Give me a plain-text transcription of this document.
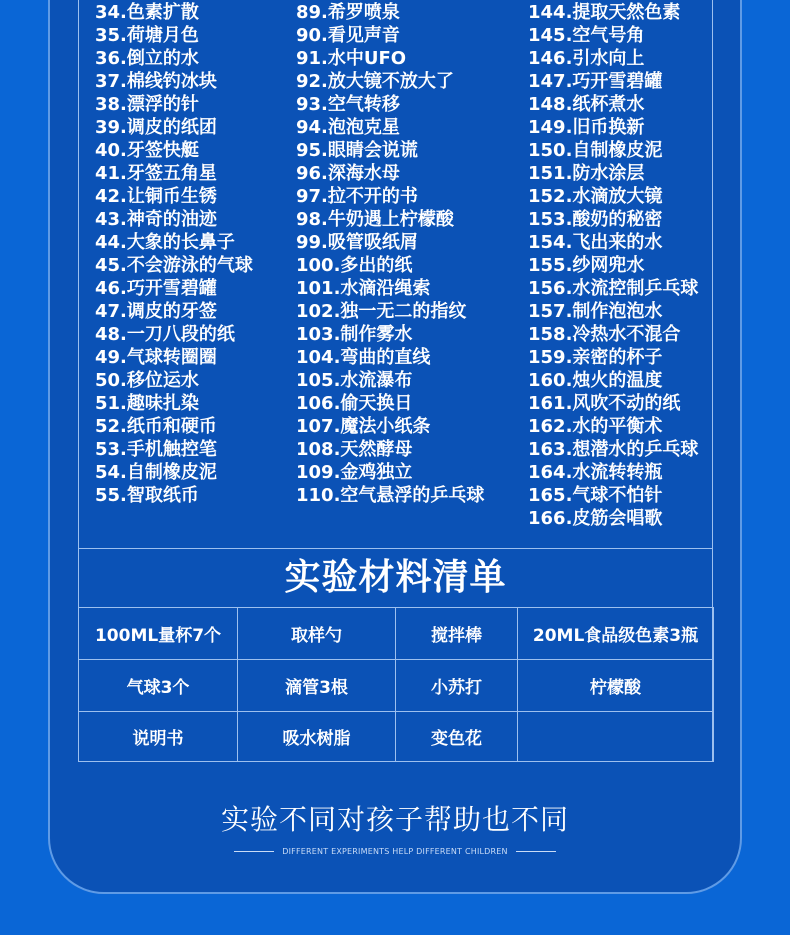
34.色素扩散
35.荷塘月色
36.倒立的水
37.棉线钓冰块
38.漂浮的针
39.调皮的纸团
40.牙签快艇
41.牙签五角星
42.让铜币生锈
43.神奇的油迹
44.大象的长鼻子
45.不会游泳的气球
46.巧开雪碧罐
47.调皮的牙签
48.一刀八段的纸
49.气球转圈圈
50.移位运水
51.趣味扎染
52.纸币和硬币
53.手机触控笔
54.自制橡皮泥
55.智取纸币
89.希罗喷泉
90.看见声音
91.水中UFO
92.放大镜不放大了
93.空气转移
94.泡泡克星
95.眼睛会说谎
96.深海水母
97.拉不开的书
98.牛奶遇上柠檬酸
99.吸管吸纸屑
100.多出的纸
101.水滴沿绳索
102.独一无二的指纹
103.制作雾水
104.弯曲的直线
105.水流瀑布
106.偷天换日
107.魔法小纸条
108.天然酵母
109.金鸡独立
110.空气悬浮的乒乓球
144.提取天然色素
145.空气号角
146.引水向上
147.巧开雪碧罐
148.纸杯煮水
149.旧币换新
150.自制橡皮泥
151.防水涂层
152.水滴放大镜
153.酸奶的秘密
154.飞出来的水
155.纱网兜水
156.水流控制乒乓球
157.制作泡泡水
158.冷热水不混合
159.亲密的杯子
160.烛火的温度
161.风吹不动的纸
162.水的平衡术
163.想潜水的乒乓球
164.水流转转瓶
165.气球不怕针
166.皮筋会唱歌
实验材料清单
100ML量杯7个	取样勺	搅拌棒	20ML食品级色素3瓶
气球3个	滴管3根	小苏打	柠檬酸
说明书	吸水树脂	变色花	
实验不同对孩子帮助也不同
DIFFERENT EXPERIMENTS HELP DIFFERENT CHILDREN
